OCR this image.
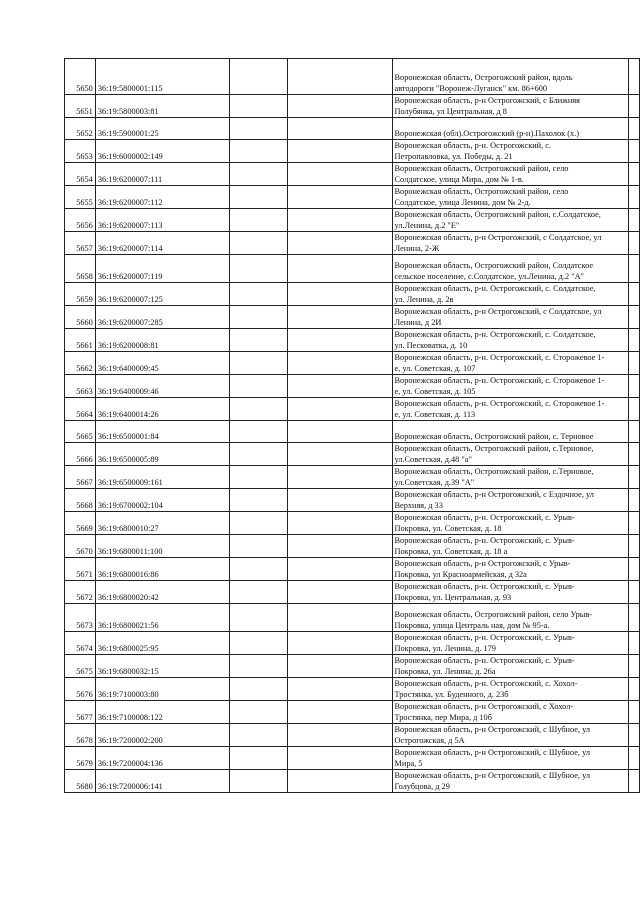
5650	36:19:5800001:115			Воронежская область, Острогожский район, вдоль
автодороги "Воронеж-Луганск" км. 86+600	

5651	36:19:5800003:81			Воронежская область, р-н Острогожский, с Ближняя
Полубянка, ул Центральная, д 8	

5652	36:19:5900001:25			Воронежская (обл).Острогожский (р-н).Пахолок (х.)	

5653	36:19:6000002:149			Воронежская область, р-н. Острогожский, с.
Петропавловка, ул. Победы, д. 21	

5654	36:19:6200007:111			Воронежская область, Острогожский район, село
Солдатское, улица Мира, дом № 1-в.	

5655	36:19:6200007:112			Воронежская область, Острогожский район, село
Солдатское, улица Ленина, дом № 2-д.	

5656	36:19:6200007:113			Воронежская область, Острогожский район, с.Солдатское,
ул.Ленина, д.2 "Е"	

5657	36:19:6200007:114			Воронежская область, р-н Острогожский, с Солдатское, ул
Ленина, 2-Ж	

5658	36:19:6200007:119			Воронежская область, Острогожский район, Солдатское
сельское поселение, с.Солдатское, ул.Ленина, д.2 "А"	

5659	36:19:6200007:125			Воронежская область, р-н. Острогожский, с. Солдатское,
ул. Ленина, д. 2в	

5660	36:19:6200007:285			Воронежская область, р-н Острогожский, с Солдатское, ул
Ленина, д 2И	

5661	36:19:6200008:81			Воронежская область, р-н. Острогожский, с. Солдатское,
ул. Песковатка, д. 10	

5662	36:19:6400009:45			Воронежская область, р-н. Острогожский, с. Сторожевое 1-
е, ул. Советская, д. 107	

5663	36:19:6400009:46			Воронежская область, р-н. Острогожский, с. Сторожевое 1-
е, ул. Советская, д. 105	

5664	36:19:6400014:26			Воронежская область, р-н. Острогожский, с. Сторожевое 1-
е, ул. Советская, д. 113	

5665	36:19:6500001:84			Воронежская область, Острогожский район, с. Терновое	

5666	36:19:6500005:89			Воронежская область, Острогожский район, с.Терновое,
ул.Советская, д.48 "а"	

5667	36:19:6500009:161			Воронежская область, Острогожский район, с.Терновое,
ул.Советская, д.39 "А"	

5668	36:19:6700002:104			Воронежская область, р-н Острогожский, с Ездочное, ул
Верхняя, д 33	

5669	36:19:6800010:27			Воронежская область, р-н. Острогожский, с. Урыв-
Покровка, ул. Советская, д. 18	

5670	36:19:6800011:100			Воронежская область, р-н. Острогожский, с. Урыв-
Покровка, ул. Советская, д. 18 а	

5671	36:19:6800016:86			Воронежская область, р-н Острогожский, с Урыв-
Покровка, ул Красноармейская, д 32а	

5672	36:19:6800020:42			Воронежская область, р-н. Острогожский, с. Урыв-
Покровка, ул. Центральная, д. 93	

5673	36:19:6800021:56			Воронежская область, Острогожский район, село Урыв-
Покровка, улица Централь ная, дом № 95-а.	

5674	36:19:6800025:95			Воронежская область, р-н. Острогожский, с. Урыв-
Покровка, ул. Ленина, д. 179	

5675	36:19:6800032:15			Воронежская область, р-н. Острогожский, с. Урыв-
Покровка, ул. Ленина, д. 26а	

5676	36:19:7100003:80			Воронежская область, р-н. Острогожский, с. Хохол-
Тростянка, ул. Буденного, д. 23б	

5677	36:19:7100008:122			Воронежская область, р-н Острогожский, с Хохол-
Тростянка, пер Мира, д 10б	

5678	36:19:7200002:200			Воронежская область, р-н Острогожский, с Шубное, ул
Острогожская, д 5А	

5679	36:19:7200004:136			Воронежская область, р-н Острогожский, с Шубное, ул
Мира, 5	

5680	36:19:7200006:141			Воронежская область, р-н Острогожский, с Шубное, ул
Голубцова, д 29	
